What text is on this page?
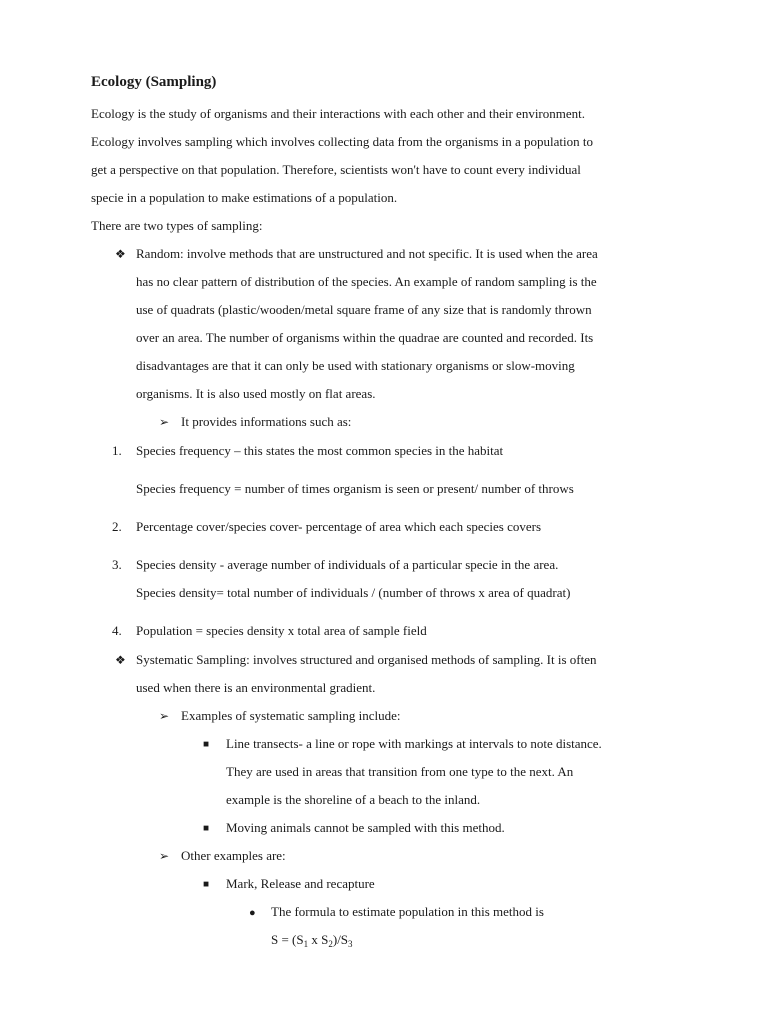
Ecology (Sampling)
Ecology is the study of organisms and their interactions with each other and their environment.
Ecology involves sampling which involves collecting data from the organisms in a population to
get a perspective on that population. Therefore, scientists won't have to count every individual
specie in a population to make estimations of a population.
There are two types of sampling:
❖ Random: involve methods that are unstructured and not specific. It is used when the area
has no clear pattern of distribution of the species. An example of random sampling is the
use of quadrats (plastic/wooden/metal square frame of any size that is randomly thrown
over an area. The number of organisms within the quadrae are counted and recorded. Its
disadvantages are that it can only be used with stationary organisms or slow-moving
organisms. It is also used mostly on flat areas.
➢ It provides informations such as:
1. Species frequency – this states the most common species in the habitat
Species frequency = number of times organism is seen or present/ number of throws
2. Percentage cover/species cover- percentage of area which each species covers
3. Species density - average number of individuals of a particular specie in the area.
Species density= total number of individuals / (number of throws x area of quadrat)
4. Population = species density x total area of sample field
❖ Systematic Sampling: involves structured and organised methods of sampling. It is often
used when there is an environmental gradient.
➢ Examples of systematic sampling include:
■ Line transects- a line or rope with markings at intervals to note distance.
They are used in areas that transition from one type to the next. An
example is the shoreline of a beach to the inland.
■ Moving animals cannot be sampled with this method.
➢ Other examples are:
■ Mark, Release and recapture
● The formula to estimate population in this method is
$S = (S_1$ x $S_2)/S_3$
